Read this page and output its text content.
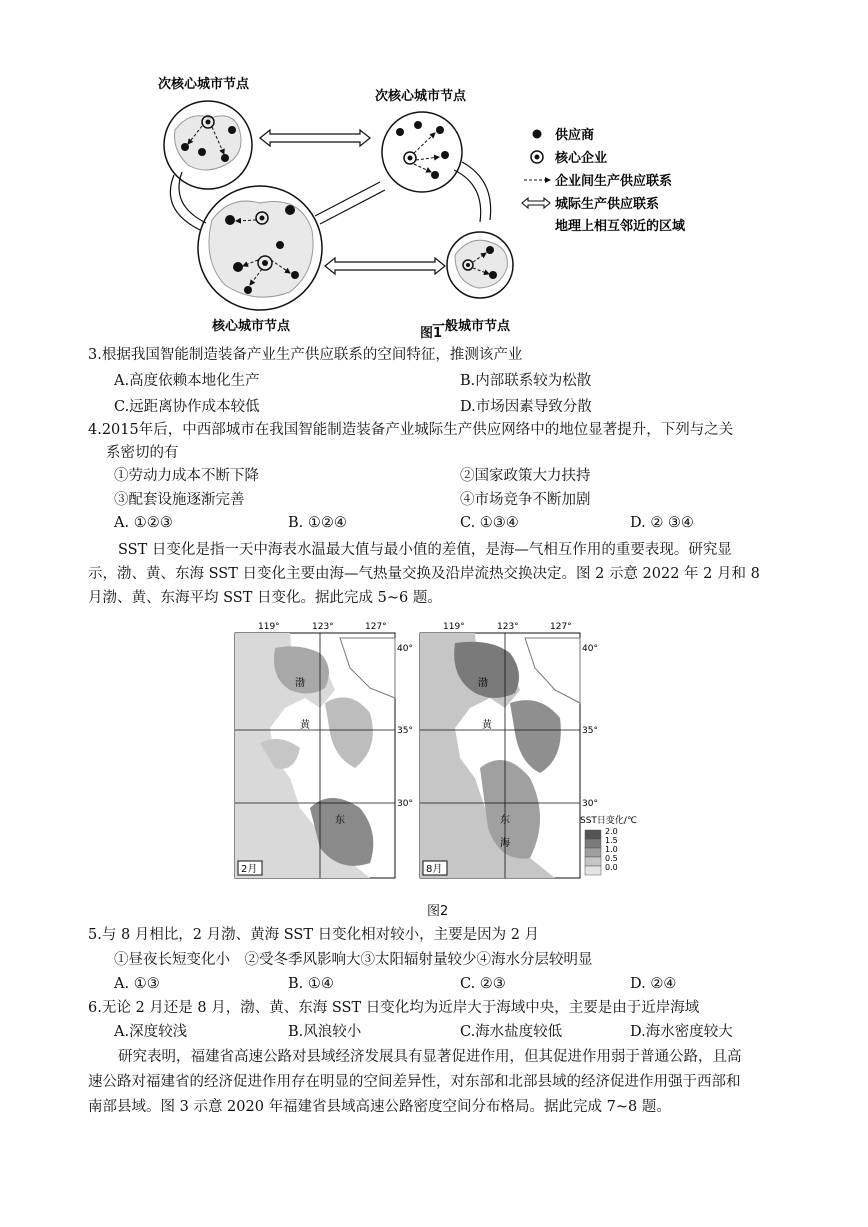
次核心城市节点
次核心城市节点
核心城市节点	一般城市节点
供应商
核心企业
企业间生产供应联系
城际生产供应联系
地理上相互邻近的区域
图1
3.根据我国智能制造装备产业生产供应联系的空间特征，推测该产业
A.高度依赖本地化生产	B.内部联系较为松散
C.远距离协作成本较低	D.市场因素导致分散
4.2015年后，中西部城市在我国智能制造装备产业城际生产供应网络中的地位显著提升，下列与之关
系密切的有
①劳动力成本不断下降	②国家政策大力扶持
③配套设施逐渐完善	④市场竞争不断加剧
A. ①②③	B. ①②④	C. ①③④	D. ② ③④
SST 日变化是指一天中海表水温最大值与最小值的差值，是海—气相互作用的重要表现。研究显
示，渤、黄、东海 SST 日变化主要由海—气热量交换及沿岸流热交换决定。图 2 示意 2022 年 2 月和 8
月渤、黄、东海平均 SST 日变化。据此完成 5~6 题。
渤
黄
东
2月
渤
黄
东
海
8月
119°	123°	127°	119°	123°	127°
40°
35°
30°
40°
35°
30°
SST日变化/℃
2.0
1.5
1.0
0.5
0.0
图2
5.与 8 月相比，2 月渤、黄海 SST 日变化相对较小，主要是因为 2 月
①昼夜长短变化小　②受冬季风影响大③太阳辐射量较少④海水分层较明显
A. ①③	B. ①④	C. ②③	D. ②④
6.无论 2 月还是 8 月，渤、黄、东海 SST 日变化均为近岸大于海域中央，主要是由于近岸海域
A.深度较浅	B.风浪较小	C.海水盐度较低	D.海水密度较大
研究表明，福建省高速公路对县域经济发展具有显著促进作用，但其促进作用弱于普通公路，且高
速公路对福建省的经济促进作用存在明显的空间差异性，对东部和北部县域的经济促进作用强于西部和
南部县域。图 3 示意 2020 年福建省县域高速公路密度空间分布格局。据此完成 7~8 题。
